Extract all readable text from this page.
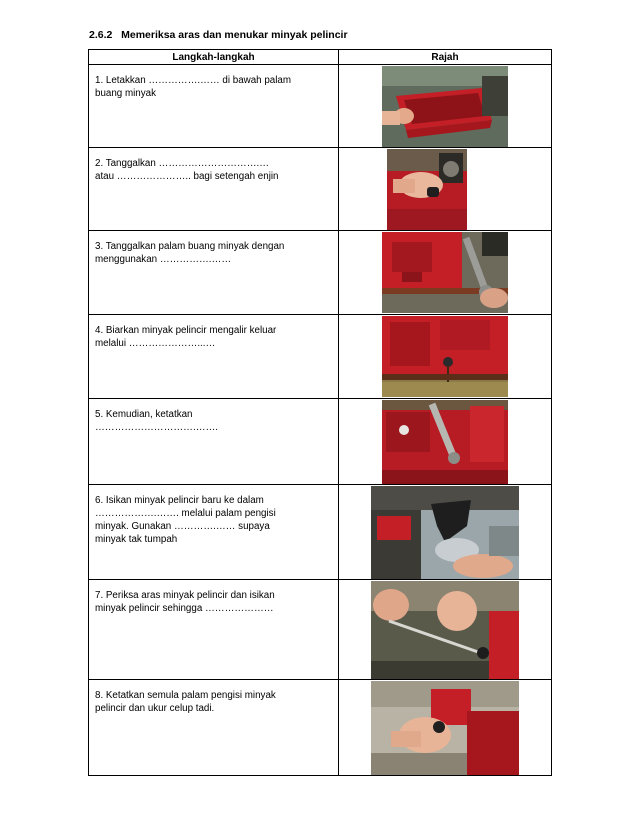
2.6.2   Memeriksa aras dan menukar minyak pelincir
Langkah-langkah	Rajah

1. Letakkan …………….…… di bawah palam
buang minyak

2. Tanggalkan ………………………….…
atau ………………….. bagi setengah enjin

3. Tanggalkan palam buang minyak dengan
menggunakan …………….……

4. Biarkan minyak pelincir mengalir keluar
melalui …………………...…

5. Kemudian, ketatkan
………………………….…….

6. Isikan minyak pelincir baru ke dalam
……………….……. melalui palam pengisi
minyak. Gunakan ………….…… supaya
minyak tak tumpah

7. Periksa aras minyak pelincir dan isikan
minyak pelincir sehingga …………………

8. Ketatkan semula palam pengisi minyak
pelincir dan ukur celup tadi.
